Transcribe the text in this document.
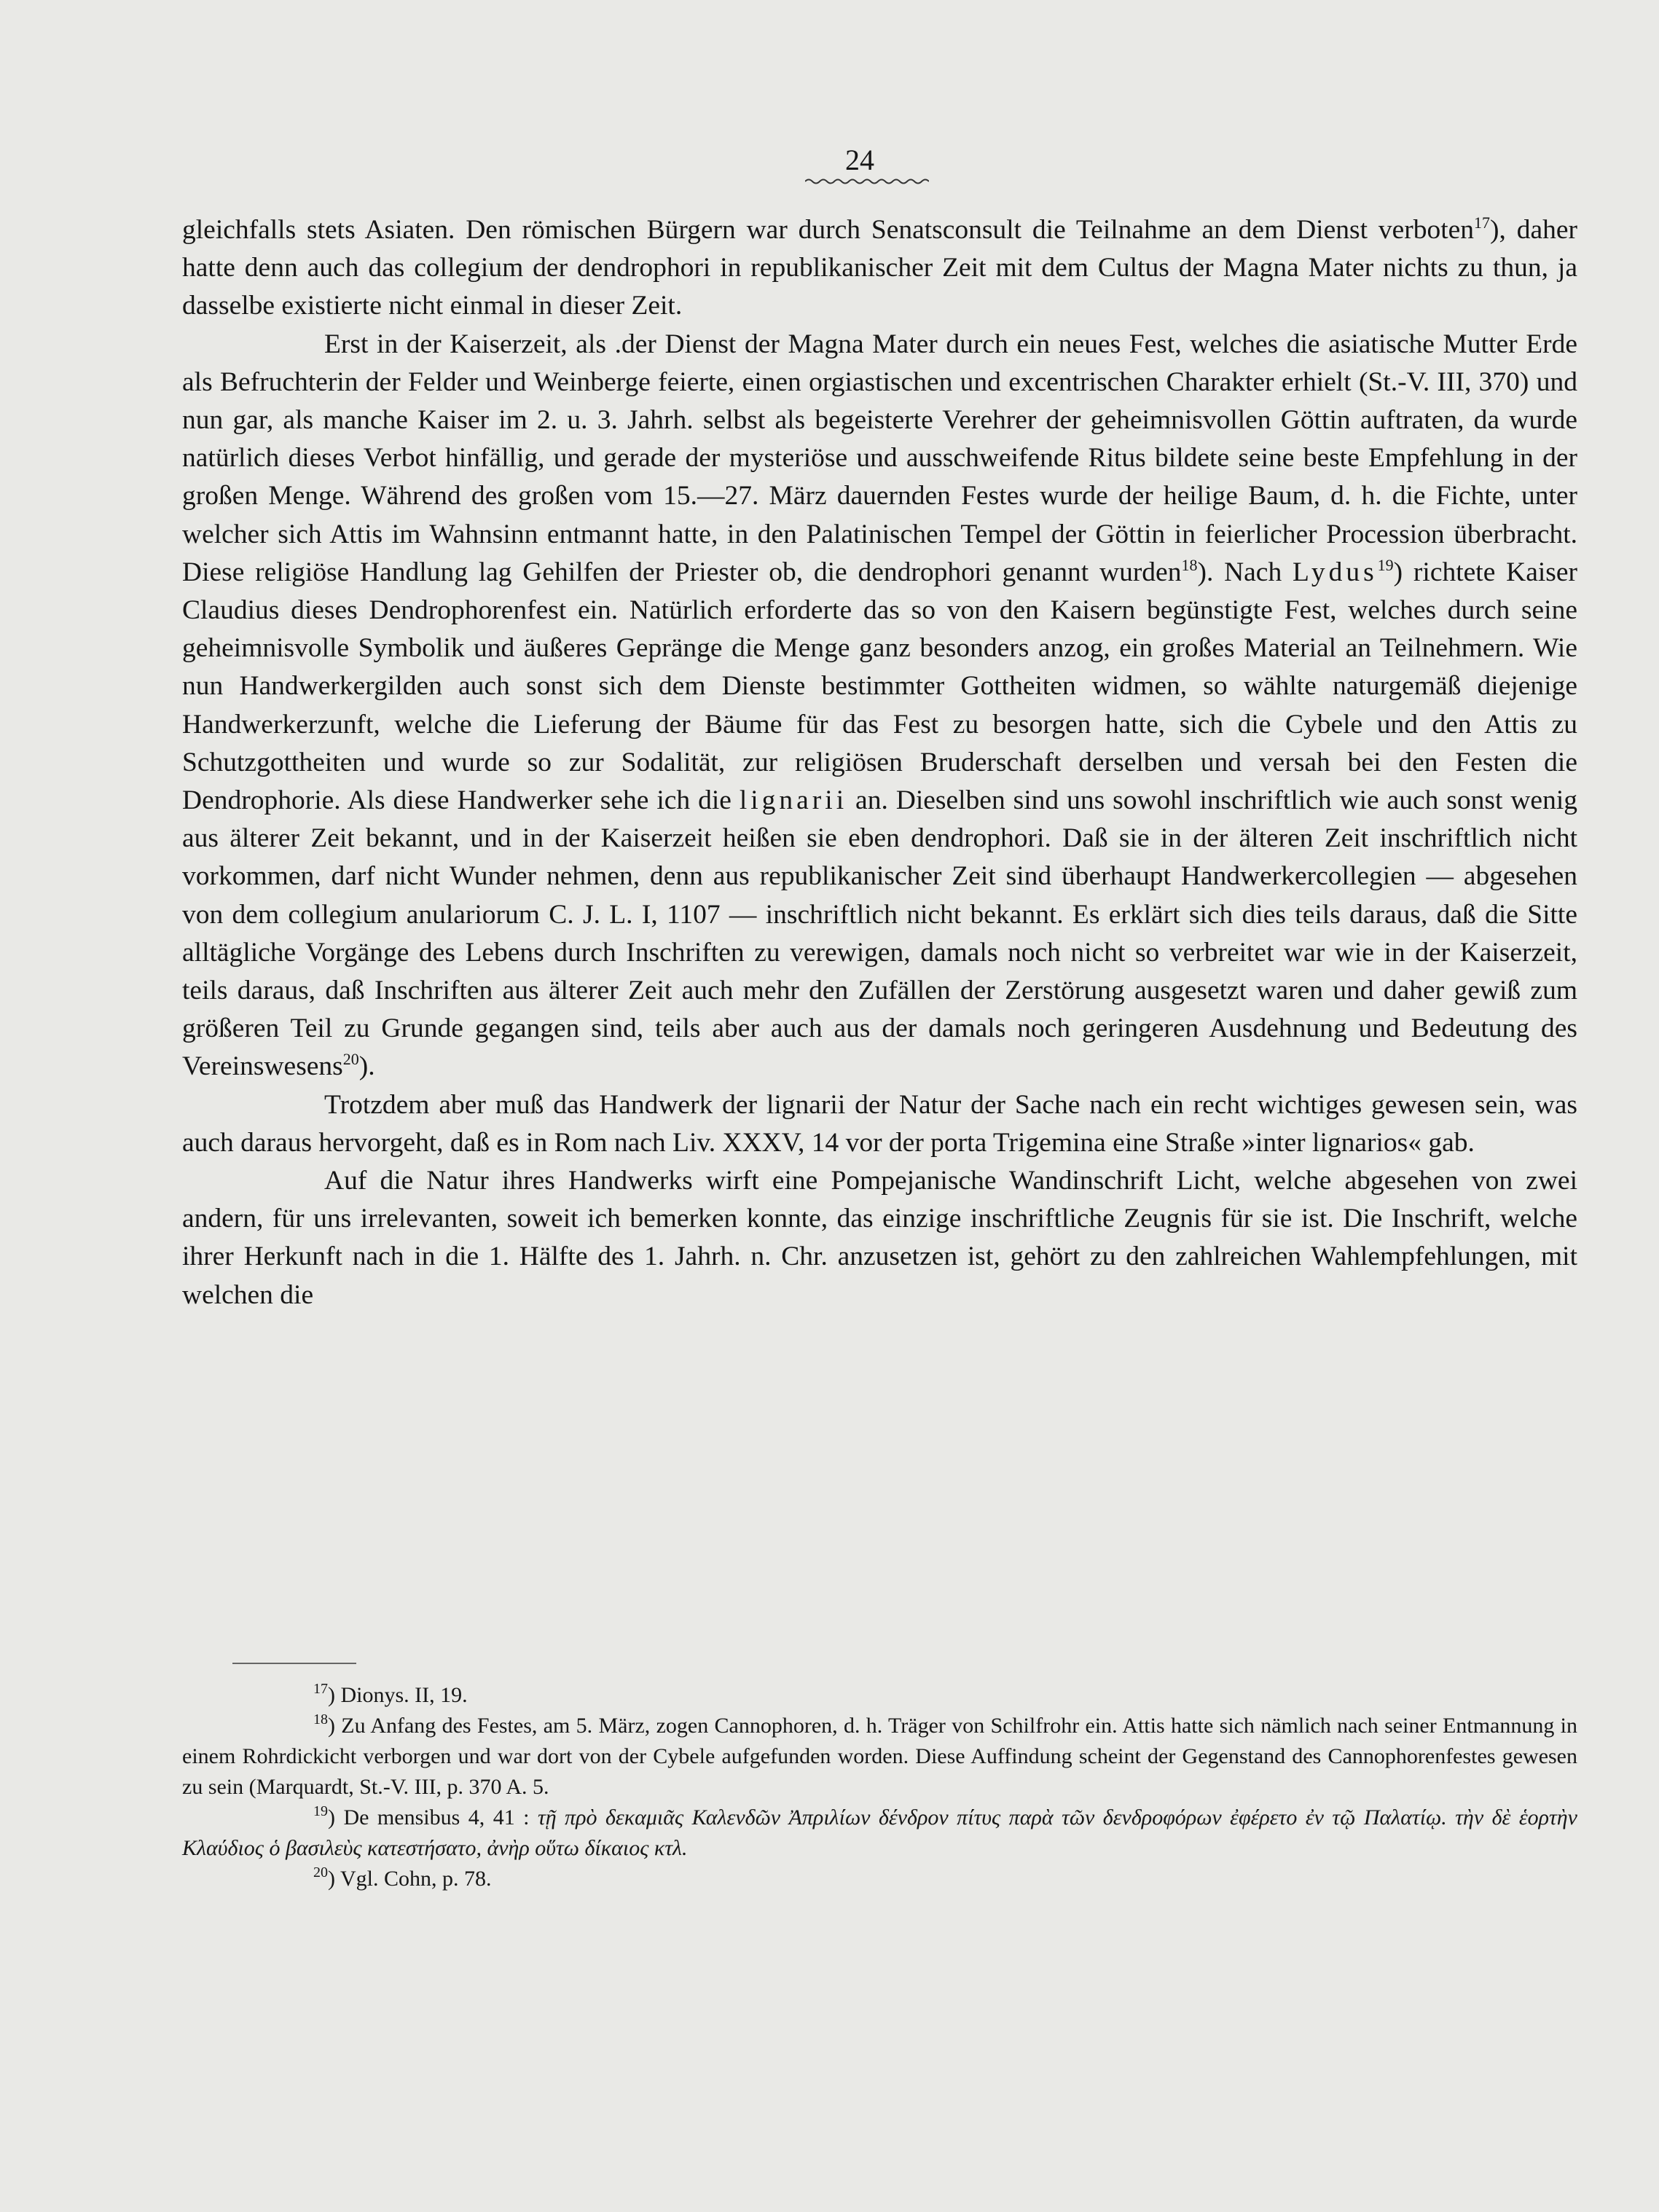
24

gleichfalls stets Asiaten. Den römischen Bürgern war durch Senatsconsult die Teilnahme an dem Dienst verboten$^{17}$), daher hatte denn auch das collegium der dendrophori in republikanischer Zeit mit dem Cultus der Magna Mater nichts zu thun, ja dasselbe existierte nicht einmal in dieser Zeit.

Erst in der Kaiserzeit, als .der Dienst der Magna Mater durch ein neues Fest, welches die asiatische Mutter Erde als Befruchterin der Felder und Weinberge feierte, einen orgiastischen und excentrischen Charakter erhielt (St.-V. III, 370) und nun gar, als manche Kaiser im 2. u. 3. Jahrh. selbst als begeisterte Verehrer der geheimnisvollen Göttin auftraten, da wurde natürlich dieses Verbot hinfällig, und gerade der mysteriöse und ausschweifende Ritus bildete seine beste Empfehlung in der großen Menge. Während des großen vom 15.—27. März dauernden Festes wurde der heilige Baum, d. h. die Fichte, unter welcher sich Attis im Wahnsinn entmannt hatte, in den Palatinischen Tempel der Göttin in feierlicher Procession überbracht. Diese religiöse Handlung lag Gehilfen der Priester ob, die dendrophori genannt wurden$^{18}$). Nach Lydus$^{19}$) richtete Kaiser Claudius dieses Dendrophorenfest ein. Natürlich erforderte das so von den Kaisern begünstigte Fest, welches durch seine geheimnisvolle Symbolik und äußeres Gepränge die Menge ganz besonders anzog, ein großes Material an Teilnehmern. Wie nun Handwerkergilden auch sonst sich dem Dienste bestimmter Gottheiten widmen, so wählte naturgemäß diejenige Handwerkerzunft, welche die Lieferung der Bäume für das Fest zu besorgen hatte, sich die Cybele und den Attis zu Schutzgottheiten und wurde so zur Sodalität, zur religiösen Bruderschaft derselben und versah bei den Festen die Dendrophorie. Als diese Handwerker sehe ich die lignarii an. Dieselben sind uns sowohl inschriftlich wie auch sonst wenig aus älterer Zeit bekannt, und in der Kaiserzeit heißen sie eben dendrophori. Daß sie in der älteren Zeit inschriftlich nicht vorkommen, darf nicht Wunder nehmen, denn aus republikanischer Zeit sind überhaupt Handwerkercollegien — abgesehen von dem collegium anulariorum C. J. L. I, 1107 — inschriftlich nicht bekannt. Es erklärt sich dies teils daraus, daß die Sitte alltägliche Vorgänge des Lebens durch Inschriften zu verewigen, damals noch nicht so verbreitet war wie in der Kaiserzeit, teils daraus, daß Inschriften aus älterer Zeit auch mehr den Zufällen der Zerstörung ausgesetzt waren und daher gewiß zum größeren Teil zu Grunde gegangen sind, teils aber auch aus der damals noch geringeren Ausdehnung und Bedeutung des Vereinswesens$^{20}$).

Trotzdem aber muß das Handwerk der lignarii der Natur der Sache nach ein recht wichtiges gewesen sein, was auch daraus hervorgeht, daß es in Rom nach Liv. XXXV, 14 vor der porta Trigemina eine Straße »inter lignarios« gab.

Auf die Natur ihres Handwerks wirft eine Pompejanische Wandinschrift Licht, welche abgesehen von zwei andern, für uns irrelevanten, soweit ich bemerken konnte, das einzige inschriftliche Zeugnis für sie ist. Die Inschrift, welche ihrer Herkunft nach in die 1. Hälfte des 1. Jahrh. n. Chr. anzusetzen ist, gehört zu den zahlreichen Wahlempfehlungen, mit welchen die

$^{17}$) Dionys. II, 19.

$^{18}$) Zu Anfang des Festes, am 5. März, zogen Cannophoren, d. h. Träger von Schilfrohr ein. Attis hatte sich nämlich nach seiner Entmannung in einem Rohrdickicht verborgen und war dort von der Cybele aufgefunden worden. Diese Auffindung scheint der Gegenstand des Cannophorenfestes gewesen zu sein (Marquardt, St.-V. III, p. 370 A. 5.

$^{19}$) De mensibus 4, 41 : τῇ πρὸ δεκαμιᾶς Καλενδῶν Ἀπριλίων δένδρον πίτυς παρὰ τῶν δενδροφόρων ἐφέρετο ἐν τῷ Παλατίῳ. τὴν δὲ ἑορτὴν Κλαύδιος ὁ βασιλεὺς κατεστήσατο, ἀνὴρ οὕτω δίκαιος κτλ.

$^{20}$) Vgl. Cohn, p. 78.
